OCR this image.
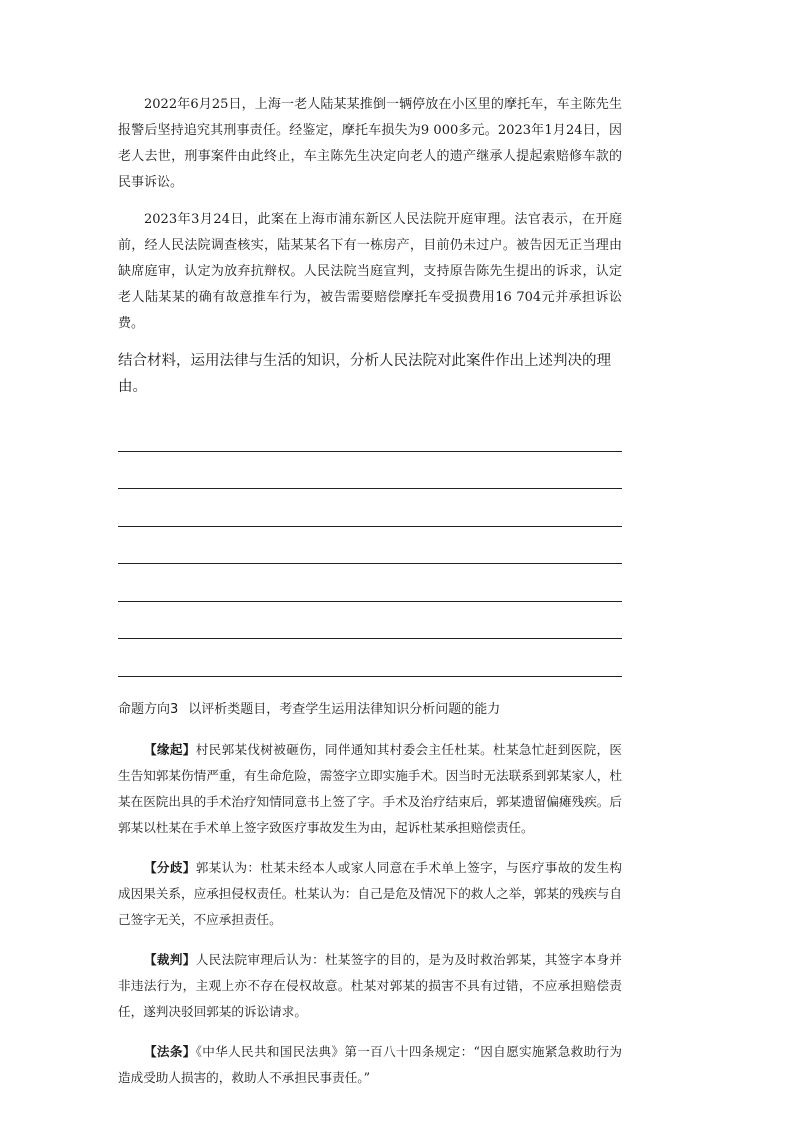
2022年6月25日，上海一老人陆某某推倒一辆停放在小区里的摩托车，车主陈先生报警后坚持追究其刑事责任。经鉴定，摩托车损失为9 000多元。2023年1月24日，因老人去世，刑事案件由此终止，车主陈先生决定向老人的遗产继承人提起索赔修车款的民事诉讼。

2023年3月24日，此案在上海市浦东新区人民法院开庭审理。法官表示，在开庭前，经人民法院调查核实，陆某某名下有一栋房产，目前仍未过户。被告因无正当理由缺席庭审，认定为放弃抗辩权。人民法院当庭宣判，支持原告陈先生提出的诉求，认定老人陆某某的确有故意推车行为，被告需要赔偿摩托车受损费用16 704元并承担诉讼费。

结合材料，运用法律与生活的知识，分析人民法院对此案件作出上述判决的理由。

命题方向3 以评析类题目，考查学生运用法律知识分析问题的能力

【缘起】村民郭某伐树被砸伤，同伴通知其村委会主任杜某。杜某急忙赶到医院，医生告知郭某伤情严重，有生命危险，需签字立即实施手术。因当时无法联系到郭某家人，杜某在医院出具的手术治疗知情同意书上签了字。手术及治疗结束后，郭某遗留偏瘫残疾。后郭某以杜某在手术单上签字致医疗事故发生为由，起诉杜某承担赔偿责任。

【分歧】郭某认为：杜某未经本人或家人同意在手术单上签字，与医疗事故的发生构成因果关系，应承担侵权责任。杜某认为：自己是危及情况下的救人之举，郭某的残疾与自己签字无关，不应承担责任。

【裁判】人民法院审理后认为：杜某签字的目的，是为及时救治郭某，其签字本身并非违法行为，主观上亦不存在侵权故意。杜某对郭某的损害不具有过错，不应承担赔偿责任，遂判决驳回郭某的诉讼请求。

【法条】《中华人民共和国民法典》第一百八十四条规定：“因自愿实施紧急救助行为造成受助人损害的，救助人不承担民事责任。”
